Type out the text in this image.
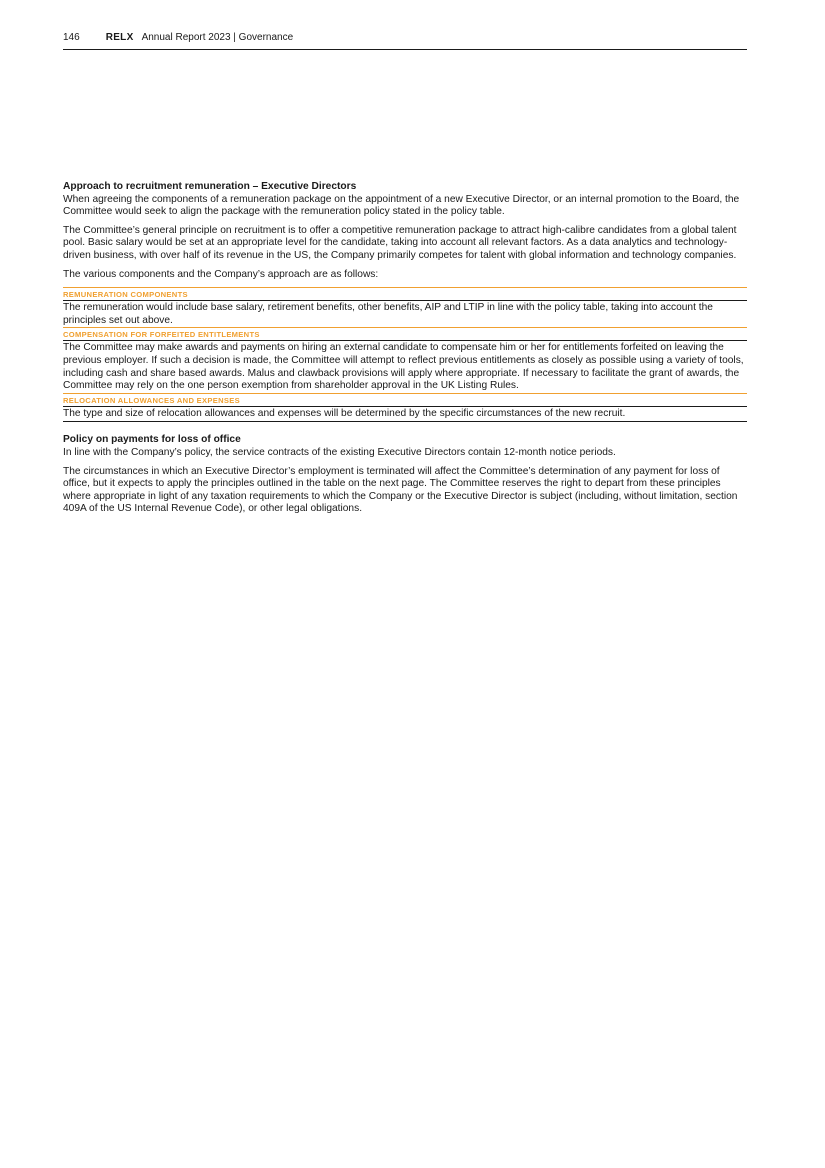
146	RELX Annual Report 2023 | Governance
Approach to recruitment remuneration – Executive Directors

When agreeing the components of a remuneration package on the appointment of a new Executive Director, or an internal promotion to the Board, the Committee would seek to align the package with the remuneration policy stated in the policy table.

The Committee’s general principle on recruitment is to offer a competitive remuneration package to attract high-calibre candidates from a global talent pool. Basic salary would be set at an appropriate level for the candidate, taking into account all relevant factors. As a data analytics and technology-driven business, with over half of its revenue in the US, the Company primarily competes for talent with global information and technology companies.

The various components and the Company’s approach are as follows:

REMUNERATION COMPONENTS
The remuneration would include base salary, retirement benefits, other benefits, AIP and LTIP in line with the policy table, taking into account the principles set out above.
COMPENSATION FOR FORFEITED ENTITLEMENTS
The Committee may make awards and payments on hiring an external candidate to compensate him or her for entitlements forfeited on leaving the previous employer. If such a decision is made, the Committee will attempt to reflect previous entitlements as closely as possible using a variety of tools, including cash and share based awards. Malus and clawback provisions will apply where appropriate. If necessary to facilitate the grant of awards, the Committee may rely on the one person exemption from shareholder approval in the UK Listing Rules.
RELOCATION ALLOWANCES AND EXPENSES
The type and size of relocation allowances and expenses will be determined by the specific circumstances of the new recruit.
Policy on payments for loss of office

In line with the Company’s policy, the service contracts of the existing Executive Directors contain 12-month notice periods.

The circumstances in which an Executive Director’s employment is terminated will affect the Committee’s determination of any payment for loss of office, but it expects to apply the principles outlined in the table on the next page. The Committee reserves the right to depart from these principles where appropriate in light of any taxation requirements to which the Company or the Executive Director is subject (including, without limitation, section 409A of the US Internal Revenue Code), or other legal obligations.
